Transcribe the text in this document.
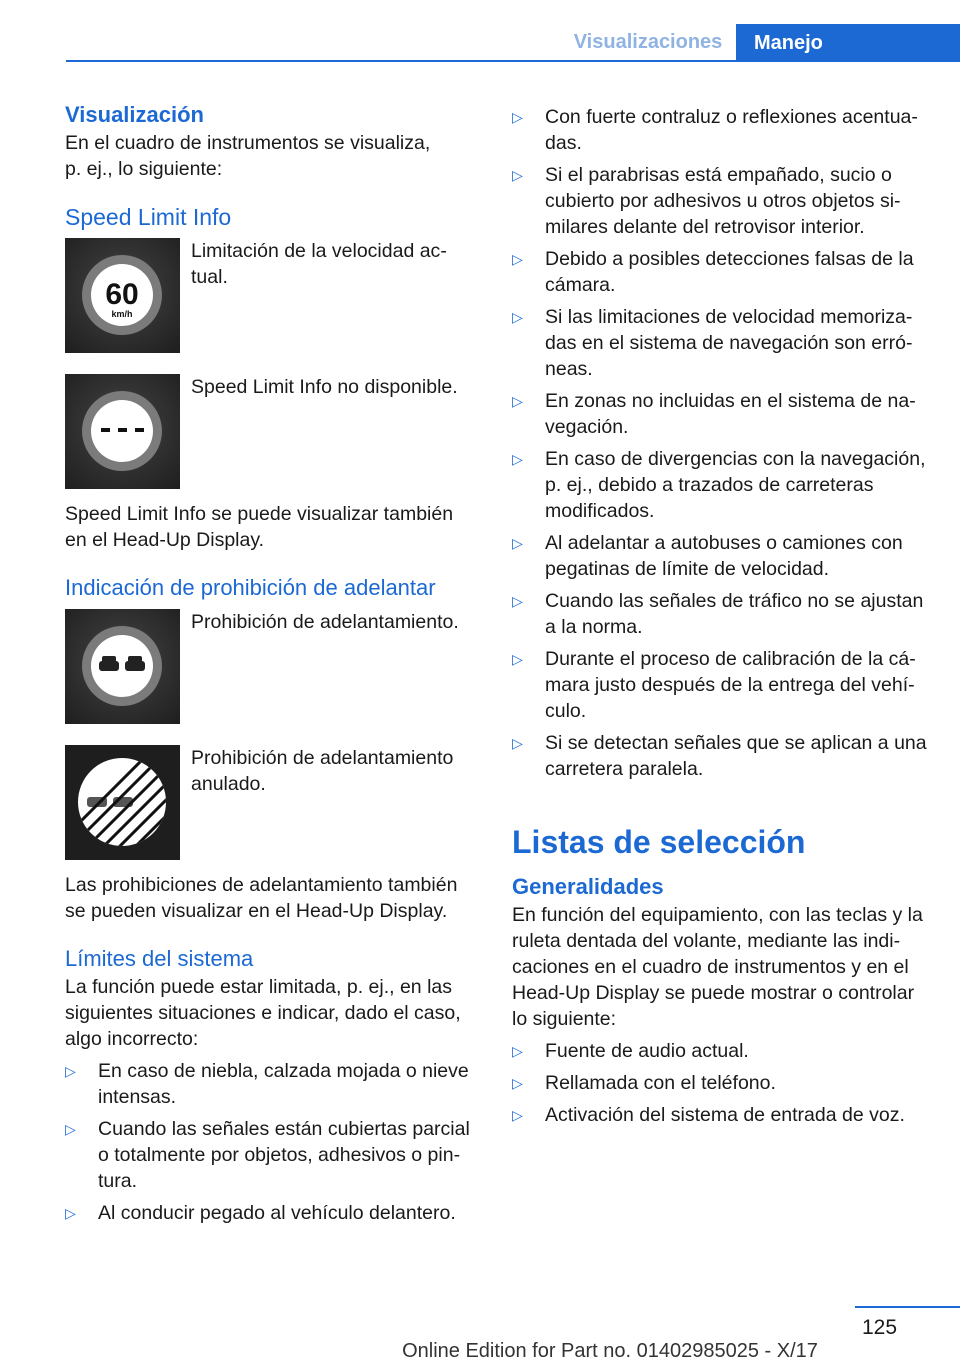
Visualizaciones	Manejo
Visualización

En el cuadro de instrumentos se visualiza, p. ej., lo siguiente:

Speed Limit Info
60
km/h
Limitación de la velocidad actual.
Speed Limit Info no disponible.

Speed Limit Info se puede visualizar también en el Head-Up Display.

Indicación de prohibición de adelantar
Prohibición de adelantamiento.
Prohibición de adelantamiento anulado.

Las prohibiciones de adelantamiento también se pueden visualizar en el Head-Up Display.

Límites del sistema

La función puede estar limitada, p. ej., en las siguientes situaciones e indicar, dado el caso, algo incorrecto:

▷ En caso de niebla, calzada mojada o nieve intensas.
▷ Cuando las señales están cubiertas parcial o totalmente por objetos, adhesivos o pintura.
▷ Al conducir pegado al vehículo delantero.
▷ Con fuerte contraluz o reflexiones acentuadas.
▷ Si el parabrisas está empañado, sucio o cubierto por adhesivos u otros objetos similares delante del retrovisor interior.
▷ Debido a posibles detecciones falsas de la cámara.
▷ Si las limitaciones de velocidad memorizadas en el sistema de navegación son erróneas.
▷ En zonas no incluidas en el sistema de navegación.
▷ En caso de divergencias con la navegación, p. ej., debido a trazados de carreteras modificados.
▷ Al adelantar a autobuses o camiones con pegatinas de límite de velocidad.
▷ Cuando las señales de tráfico no se ajustan a la norma.
▷ Durante el proceso de calibración de la cámara justo después de la entrega del vehículo.
▷ Si se detectan señales que se aplican a una carretera paralela.
Listas de selección
Generalidades

En función del equipamiento, con las teclas y la ruleta dentada del volante, mediante las indicaciones en el cuadro de instrumentos y en el Head-Up Display se puede mostrar o controlar lo siguiente:

▷ Fuente de audio actual.
▷ Rellamada con el teléfono.
▷ Activación del sistema de entrada de voz.
125
Online Edition for Part no. 01402985025 - X/17
